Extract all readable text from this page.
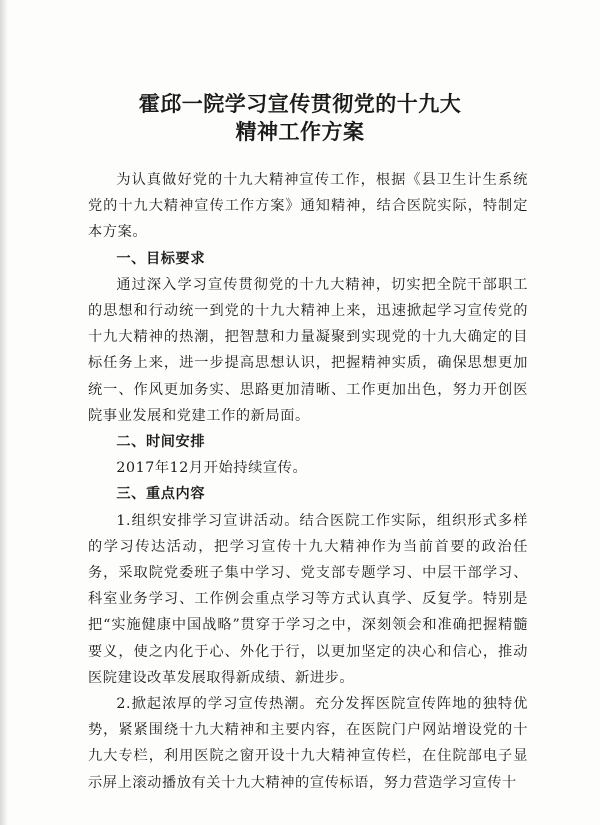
霍邱一院学习宣传贯彻党的十九大
精神工作方案

为认真做好党的十九大精神宣传工作，根据《县卫生计生系统党的十九大精神宣传工作方案》通知精神，结合医院实际，特制定本方案。

一、目标要求

通过深入学习宣传贯彻党的十九大精神，切实把全院干部职工的思想和行动统一到党的十九大精神上来，迅速掀起学习宣传党的十九大精神的热潮，把智慧和力量凝聚到实现党的十九大确定的目标任务上来，进一步提高思想认识，把握精神实质，确保思想更加统一、作风更加务实、思路更加清晰、工作更加出色，努力开创医院事业发展和党建工作的新局面。

二、时间安排

2017年12月开始持续宣传。

三、重点内容

1.组织安排学习宣讲活动。结合医院工作实际，组织形式多样的学习传达活动，把学习宣传十九大精神作为当前首要的政治任务，采取院党委班子集中学习、党支部专题学习、中层干部学习、科室业务学习、工作例会重点学习等方式认真学、反复学。特别是把“实施健康中国战略”贯穿于学习之中，深刻领会和准确把握精髓要义，使之内化于心、外化于行，以更加坚定的决心和信心，推动医院建设改革发展取得新成绩、新进步。

2.掀起浓厚的学习宣传热潮。充分发挥医院宣传阵地的独特优势，紧紧围绕十九大精神和主要内容，在医院门户网站增设党的十九大专栏，利用医院之窗开设十九大精神宣传栏，在住院部电子显示屏上滚动播放有关十九大精神的宣传标语，努力营造学习宣传十
